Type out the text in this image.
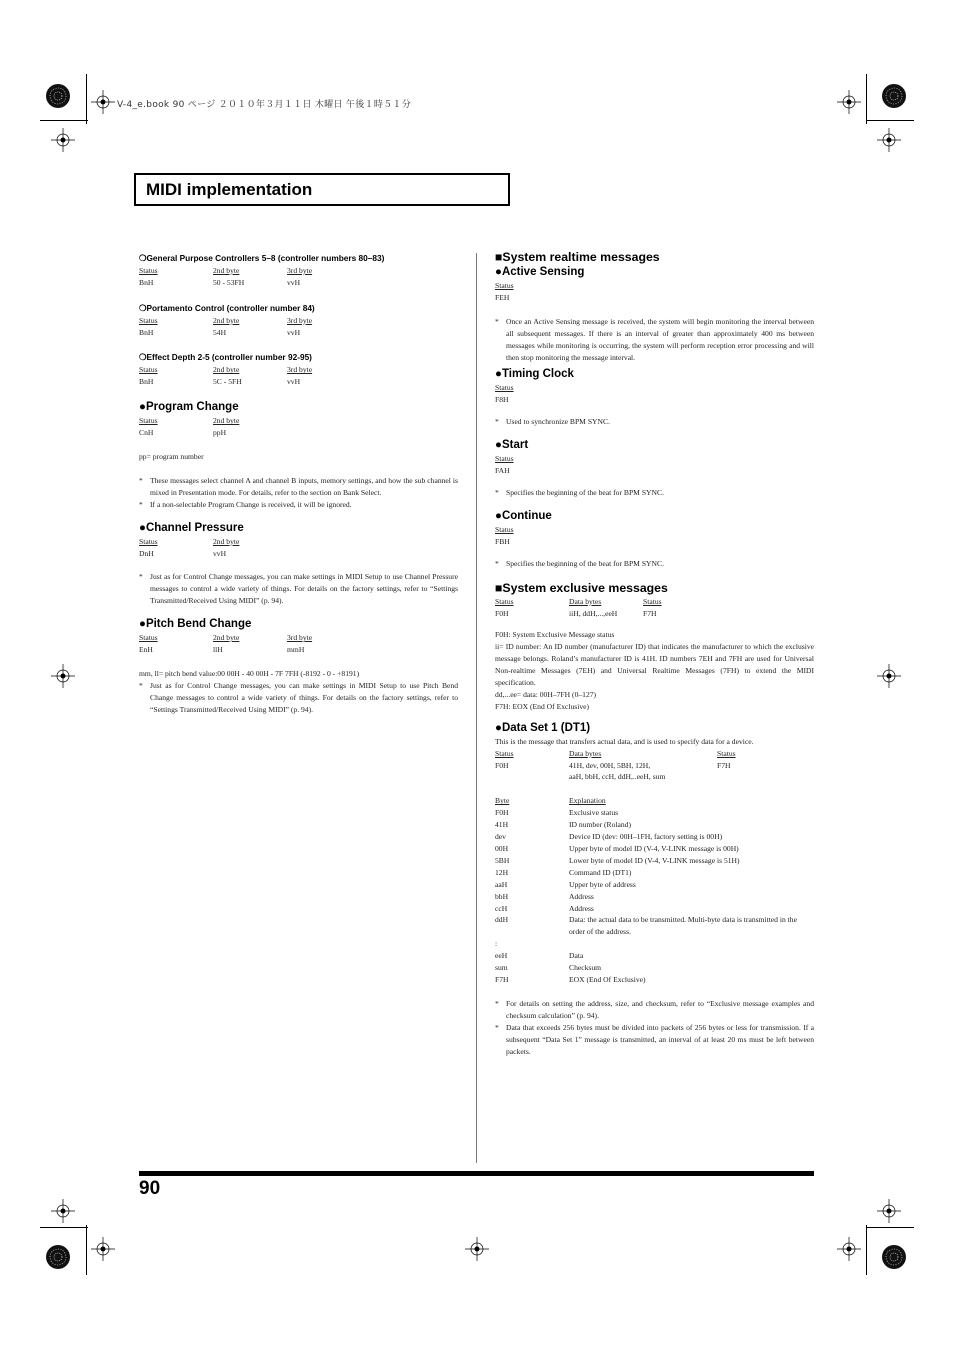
V-4_e.book 90 ページ ２０１０年３月１１日 木曜日 午後１時５１分
MIDI implementation
❍General Purpose Controllers 5–8 (controller numbers 80–83)
Status	2nd byte	3rd byte
BnH	50 - 53FH	vvH
❍Portamento Control (controller number 84)
Status	2nd byte	3rd byte
BnH	54H	vvH
❍Effect Depth 2-5 (controller number 92-95)
Status	2nd byte	3rd byte
BnH	5C - 5FH	vvH
●Program Change
Status	2nd byte
CnH	ppH
pp= program number
* These messages select channel A and channel B inputs, memory settings, and how the sub channel is mixed in Presentation mode. For details, refer to the section on Bank Select.
* If a non-selectable Program Change is received, it will be ignored.
●Channel Pressure
Status	2nd byte
DnH	vvH
* Just as for Control Change messages, you can make settings in MIDI Setup to use Channel Pressure messages to control a wide variety of things. For details on the factory settings, refer to “Settings Transmitted/Received Using MIDI” (p. 94).
●Pitch Bend Change
Status	2nd byte	3rd byte
EnH	llH	mmH
mm, ll= pitch bend value:00 00H - 40 00H - 7F 7FH (-8192 - 0 - +8191)
* Just as for Control Change messages, you can make settings in MIDI Setup to use Pitch Bend Change messages to control a wide variety of things. For details on the factory settings, refer to “Settings Transmitted/Received Using MIDI” (p. 94).
■System realtime messages
●Active Sensing
Status
FEH
* Once an Active Sensing message is received, the system will begin monitoring the interval between all subsequent messages. If there is an interval of greater than approximately 400 ms between messages while monitoring is occurring, the system will perform reception error processing and will then stop monitoring the message interval.
●Timing Clock
Status
F8H
* Used to synchronize BPM SYNC.
●Start
Status
FAH
* Specifies the beginning of the beat for BPM SYNC.
●Continue
Status
FBH
* Specifies the beginning of the beat for BPM SYNC.
■System exclusive messages
Status	Data bytes	Status
F0H	iiH, ddH,...,eeH	F7H
F0H: System Exclusive Message status
ii= ID number: An ID number (manufacturer ID) that indicates the manufacturer to which the exclusive message belongs. Roland’s manufacturer ID is 41H. ID numbers 7EH and 7FH are used for Universal Non-realtime Messages (7EH) and Universal Realtime Messages (7FH) to extend the MIDI specification.
dd,...ee= data: 00H–7FH (0–127)
F7H: EOX (End Of Exclusive)
●Data Set 1 (DT1)
This is the message that transfers actual data, and is used to specify data for a device.
Status	Data bytes	Status
F0H	41H, dev, 00H, 5BH, 12H,	F7H
aaH, bbH, ccH, ddH,..eeH, sum
Byte	Explanation
F0H	Exclusive status
41H	ID number (Roland)
dev	Device ID (dev: 00H–1FH, factory setting is 00H)
00H	Upper byte of model ID (V-4, V-LINK message is 00H)
5BH	Lower byte of model ID (V-4, V-LINK message is 51H)
12H	Command ID (DT1)
aaH	Upper byte of address
bbH	Address
ccH	Address
ddH	Data: the actual data to be transmitted. Multi-byte data is transmitted in the order of the address.
:
eeH	Data
sum	Checksum
F7H	EOX (End Of Exclusive)
* For details on setting the address, size, and checksum, refer to “Exclusive message examples and checksum calculation” (p. 94).
* Data that exceeds 256 bytes must be divided into packets of 256 bytes or less for transmission. If a subsequent “Data Set 1” message is transmitted, an interval of at least 20 ms must be left between packets.
90
